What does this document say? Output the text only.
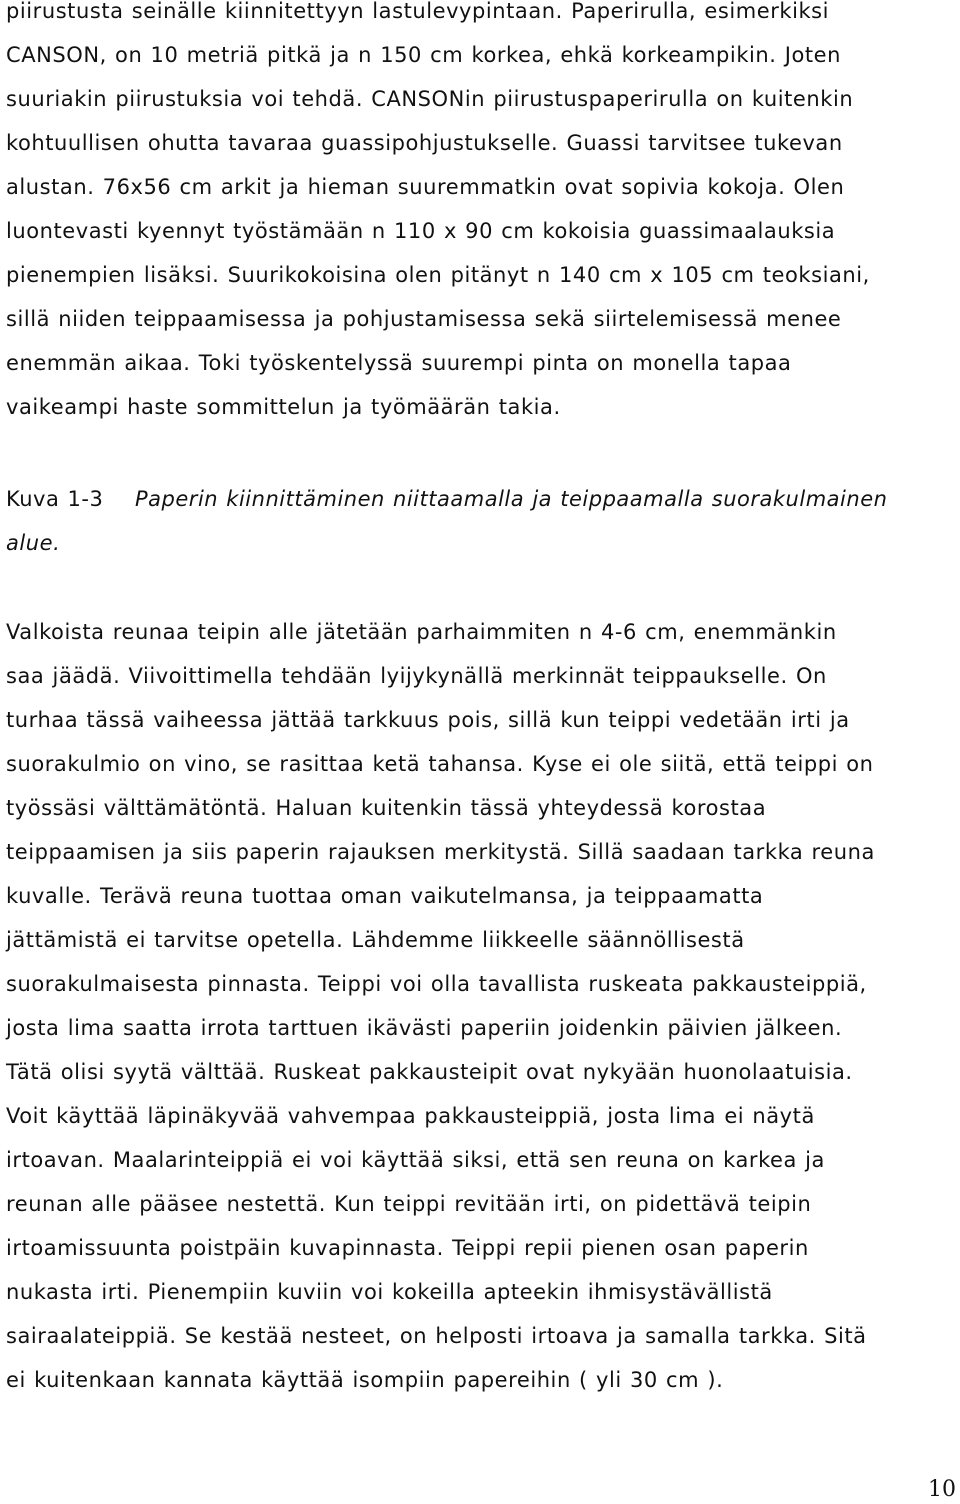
piirustusta seinälle kiinnitettyyn lastulevypintaan. Paperirulla, esimerkiksi
CANSON, on 10 metriä pitkä ja n 150 cm korkea, ehkä korkeampikin. Joten
suuriakin piirustuksia voi tehdä. CANSONin piirustuspaperirulla on kuitenkin
kohtuullisen ohutta tavaraa guassipohjustukselle. Guassi tarvitsee tukevan
alustan. 76x56 cm arkit ja hieman suuremmatkin ovat sopivia kokoja. Olen
luontevasti kyennyt työstämään n 110 x 90 cm kokoisia guassimaalauksia
pienempien lisäksi. Suurikokoisina olen pitänyt n 140 cm x 105 cm teoksiani,
sillä niiden teippaamisessa ja pohjustamisessa sekä siirtelemisessä menee
enemmän aikaa. Toki työskentelyssä suurempi pinta on monella tapaa
vaikeampi haste sommittelun ja työmäärän takia.
Kuva 1-3 Paperin kiinnittäminen niittaamalla ja teippaamalla suorakulmainen
alue.
Valkoista reunaa teipin alle jätetään parhaimmiten n 4-6 cm, enemmänkin
saa jäädä. Viivoittimella tehdään lyijykynällä merkinnät teippaukselle. On
turhaa tässä vaiheessa jättää tarkkuus pois, sillä kun teippi vedetään irti ja
suorakulmio on vino, se rasittaa ketä tahansa. Kyse ei ole siitä, että teippi on
työssäsi välttämätöntä. Haluan kuitenkin tässä yhteydessä korostaa
teippaamisen ja siis paperin rajauksen merkitystä. Sillä saadaan tarkka reuna
kuvalle. Terävä reuna tuottaa oman vaikutelmansa, ja teippaamatta
jättämistä ei tarvitse opetella. Lähdemme liikkeelle säännöllisestä
suorakulmaisesta pinnasta. Teippi voi olla tavallista ruskeata pakkausteippiä,
josta lima saatta irrota tarttuen ikävästi paperiin joidenkin päivien jälkeen.
Tätä olisi syytä välttää. Ruskeat pakkausteipit ovat nykyään huonolaatuisia.
Voit käyttää läpinäkyvää vahvempaa pakkausteippiä, josta lima ei näytä
irtoavan. Maalarinteippiä ei voi käyttää siksi, että sen reuna on karkea ja
reunan alle pääsee nestettä. Kun teippi revitään irti, on pidettävä teipin
irtoamissuunta poistpäin kuvapinnasta. Teippi repii pienen osan paperin
nukasta irti. Pienempiin kuviin voi kokeilla apteekin ihmisystävällistä
sairaalateippiä. Se kestää nesteet, on helposti irtoava ja samalla tarkka. Sitä
ei kuitenkaan kannata käyttää isompiin papereihin ( yli 30 cm ).
10
